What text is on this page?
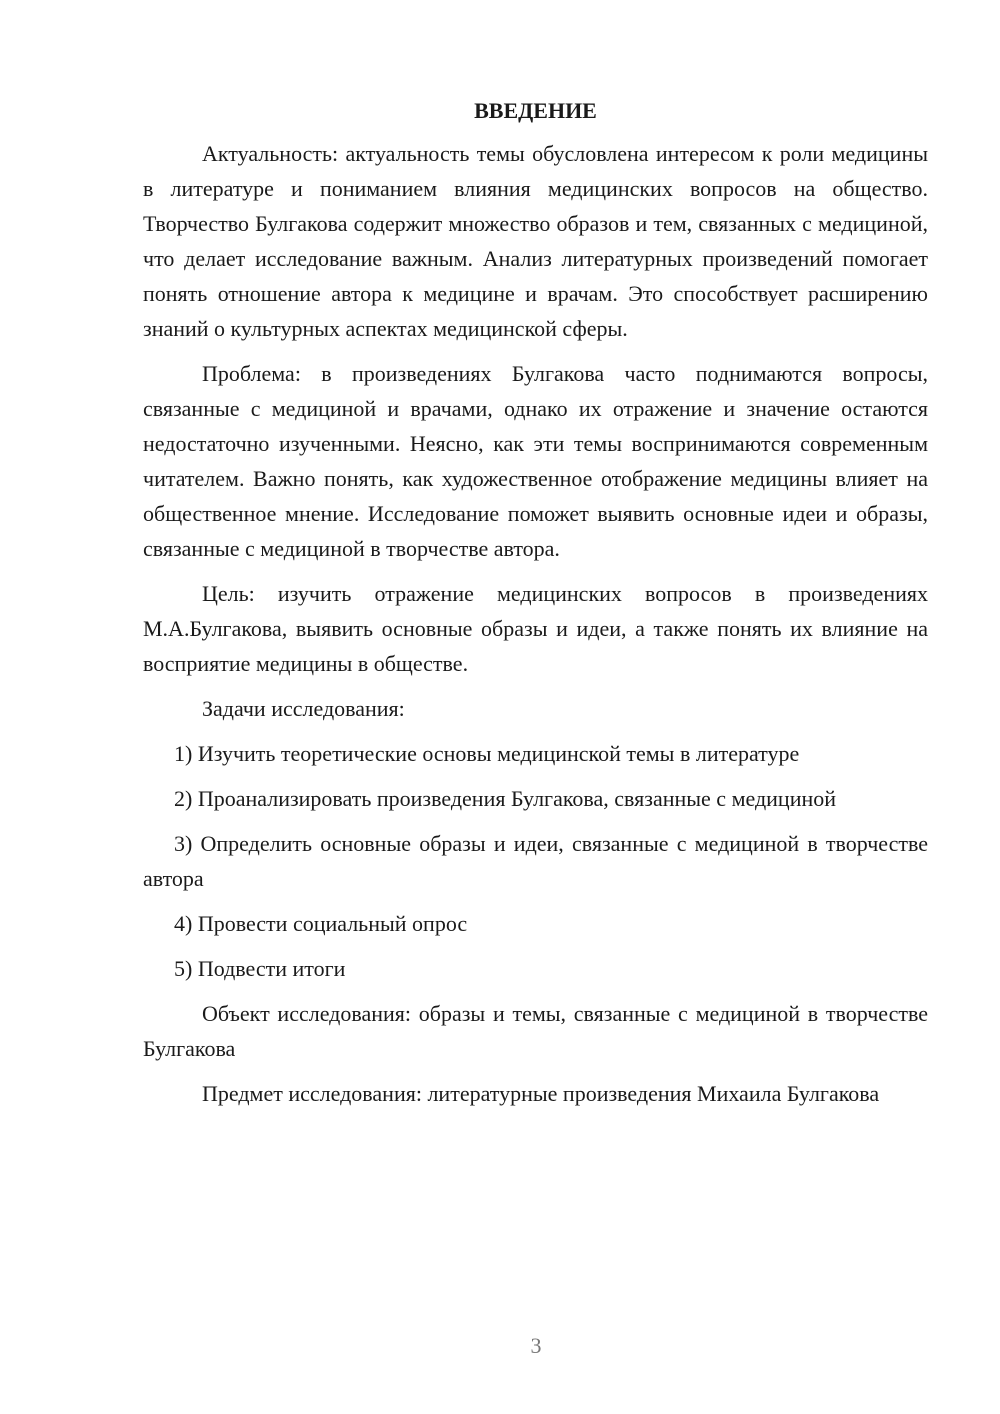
ВВЕДЕНИЕ

Актуальность: актуальность темы обусловлена интересом к роли медицины в литературе и пониманием влияния медицинских вопросов на общество. Творчество Булгакова содержит множество образов и тем, связанных с медициной, что делает исследование важным. Анализ литературных произведений помогает понять отношение автора к медицине и врачам. Это способствует расширению знаний о культурных аспектах медицинской сферы.

Проблема: в произведениях Булгакова часто поднимаются вопросы, связанные с медициной и врачами, однако их отражение и значение остаются недостаточно изученными. Неясно, как эти темы воспринимаются современным читателем. Важно понять, как художественное отображение медицины влияет на общественное мнение. Исследование поможет выявить основные идеи и образы, связанные с медициной в творчестве автора.

Цель: изучить отражение медицинских вопросов в произведениях М.А.Булгакова, выявить основные образы и идеи, а также понять их влияние на восприятие медицины в обществе.

Задачи исследования:

1) Изучить теоретические основы медицинской темы в литературе

2) Проанализировать произведения Булгакова, связанные с медициной

3) Определить основные образы и идеи, связанные с медициной в творчестве автора

4) Провести социальный опрос

5) Подвести итоги

Объект исследования: образы и темы, связанные с медициной в творчестве Булгакова

Предмет исследования: литературные произведения Михаила Булгакова

3
